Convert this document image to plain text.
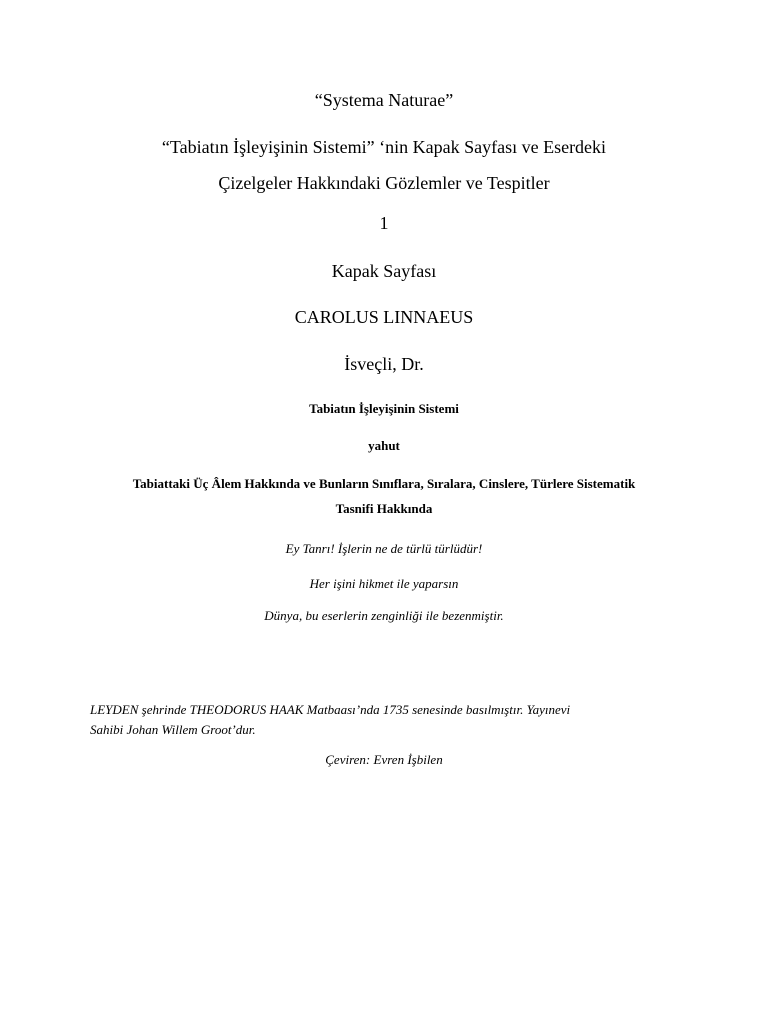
“Systema Naturae”
“Tabiatın İşleyişinin Sistemi” ‘nin Kapak Sayfası ve Eserdeki
Çizelgeler Hakkındaki Gözlemler ve Tespitler
1
Kapak Sayfası
CAROLUS LINNAEUS
İsveçli, Dr.
Tabiatın İşleyişinin Sistemi
yahut
Tabiattaki Üç Âlem Hakkında ve Bunların Sınıflara, Sıralara, Cinslere, Türlere Sistematik
Tasnifi Hakkında
Ey Tanrı! İşlerin ne de türlü türlüdür!
Her işini hikmet ile yaparsın
Dünya, bu eserlerin zenginliği ile bezenmiştir.
LEYDEN şehrinde THEODORUS HAAK Matbaası’nda 1735 senesinde basılmıştır. Yayınevi
Sahibi Johan Willem Groot’dur.
Çeviren: Evren İşbilen
